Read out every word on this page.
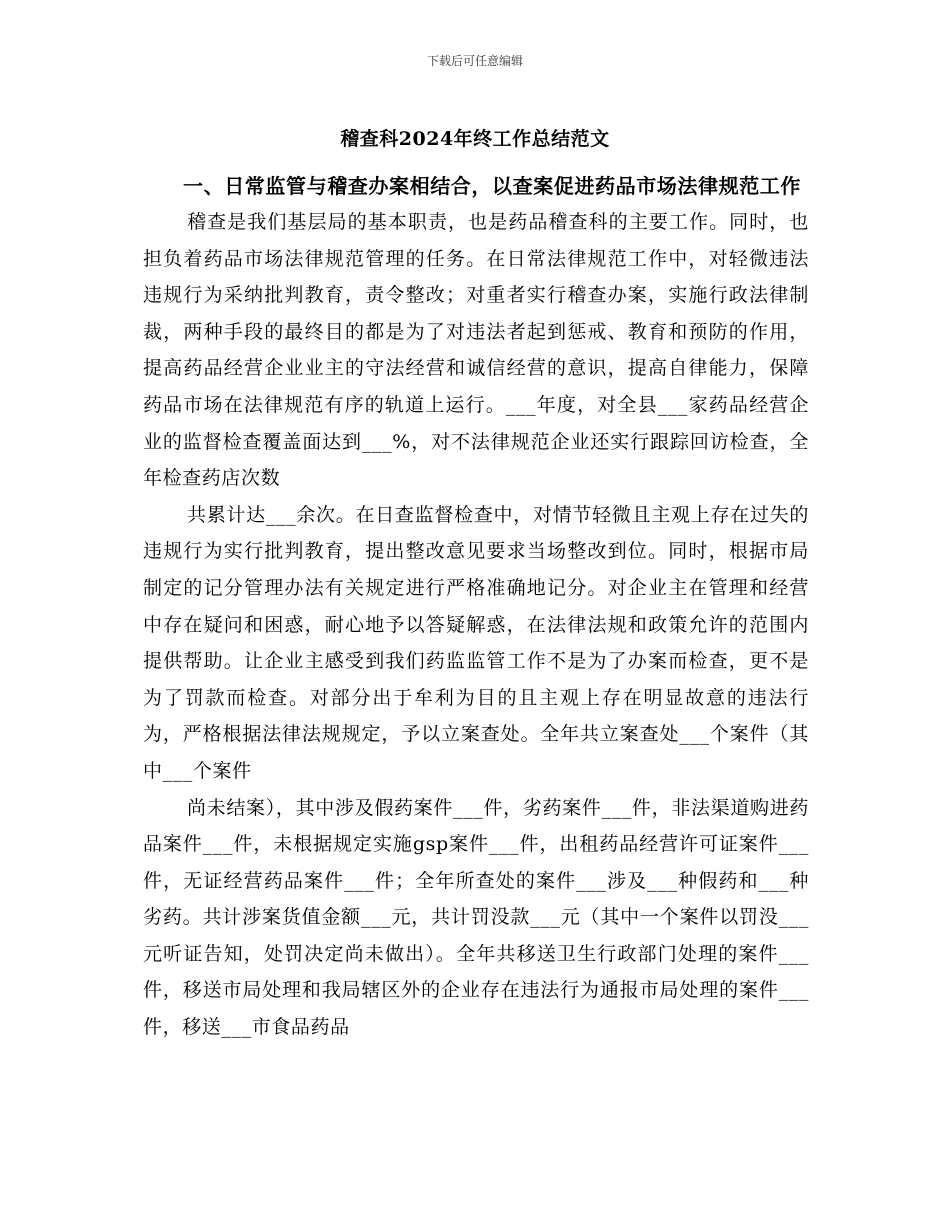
下载后可任意编辑
稽查科2024年终工作总结范文

一、日常监管与稽查办案相结合，以查案促进药品市场法律规范工作

稽查是我们基层局的基本职责，也是药品稽查科的主要工作。同时，也担负着药品市场法律规范管理的任务。在日常法律规范工作中，对轻微违法违规行为采纳批判教育，责令整改；对重者实行稽查办案，实施行政法律制裁，两种手段的最终目的都是为了对违法者起到惩戒、教育和预防的作用，提高药品经营企业业主的守法经营和诚信经营的意识，提高自律能力，保障药品市场在法律规范有序的轨道上运行。___年度，对全县___家药品经营企业的监督检查覆盖面达到___%，对不法律规范企业还实行跟踪回访检查，全年检查药店次数

共累计达___余次。在日查监督检查中，对情节轻微且主观上存在过失的违规行为实行批判教育，提出整改意见要求当场整改到位。同时，根据市局制定的记分管理办法有关规定进行严格准确地记分。对企业主在管理和经营中存在疑问和困惑，耐心地予以答疑解惑，在法律法规和政策允许的范围内提供帮助。让企业主感受到我们药监监管工作不是为了办案而检查，更不是为了罚款而检查。对部分出于牟利为目的且主观上存在明显故意的违法行为，严格根据法律法规规定，予以立案查处。全年共立案查处___个案件（其中___个案件

尚未结案），其中涉及假药案件___件，劣药案件___件，非法渠道购进药品案件___件，未根据规定实施gsp案件___件，出租药品经营许可证案件___件，无证经营药品案件___件；全年所查处的案件___涉及___种假药和___种劣药。共计涉案货值金额___元，共计罚没款___元（其中一个案件以罚没___元听证告知，处罚决定尚未做出）。全年共移送卫生行政部门处理的案件___件，移送市局处理和我局辖区外的企业存在违法行为通报市局处理的案件___件，移送___市食品药品
